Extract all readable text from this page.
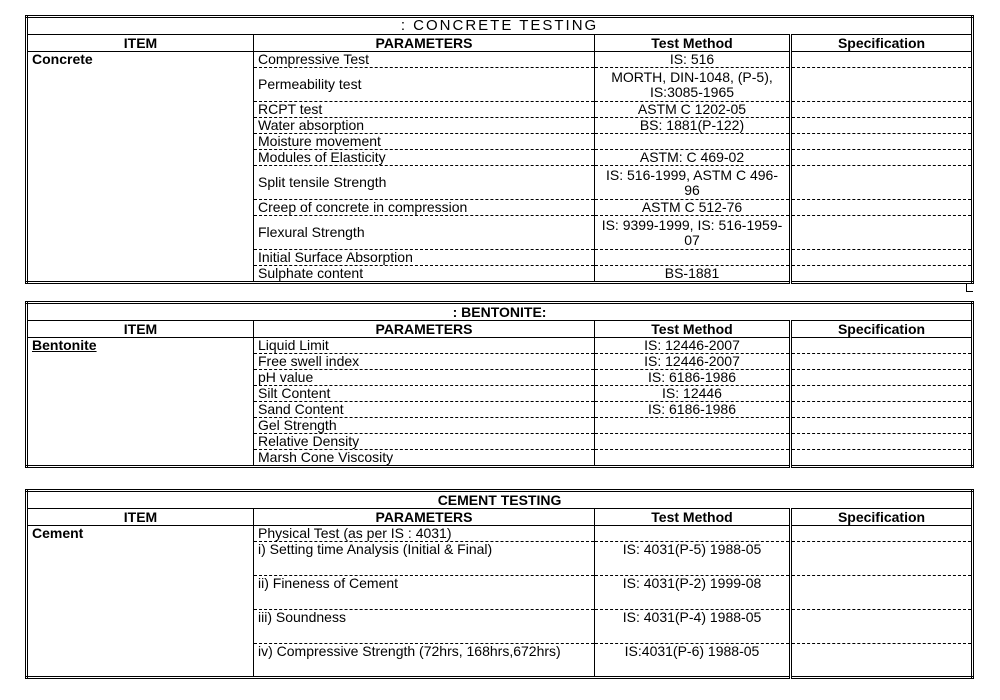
: CONCRETE TESTING			
ITEM	PARAMETERS	Test Method	Specification
Concrete	Compressive Test	IS: 516	
	Permeability test	MORTH, DIN-1048, (P-5), IS:3085-1965	
	RCPT test	ASTM C 1202-05	
	Water absorption	BS: 1881(P-122)	
	Moisture movement		
	Modules of Elasticity	ASTM: C 469-02	
	Split tensile Strength	IS: 516-1999, ASTM C 496-96	
	Creep of concrete in compression	ASTM C 512-76	
	Flexural Strength	IS: 9399-1999, IS: 516-1959-07	
	Initial Surface Absorption		
	Sulphate content	BS-1881	
: BENTONITE:			
ITEM	PARAMETERS	Test Method	Specification
Bentonite	Liquid Limit	IS: 12446-2007	
	Free swell index	IS: 12446-2007	
	pH value	IS: 6186-1986	
	Silt Content	IS: 12446	
	Sand Content	IS: 6186-1986	
	Gel Strength		
	Relative Density		
	Marsh Cone Viscosity		
CEMENT TESTING			
ITEM	PARAMETERS	Test Method	Specification
Cement	Physical Test (as per IS : 4031)		
	i) Setting time Analysis (Initial & Final)	IS: 4031(P-5) 1988-05	
	ii) Fineness of Cement	IS: 4031(P-2) 1999-08	
	iii) Soundness	IS: 4031(P-4) 1988-05	
	iv) Compressive Strength (72hrs, 168hrs,672hrs)	IS:4031(P-6) 1988-05	
